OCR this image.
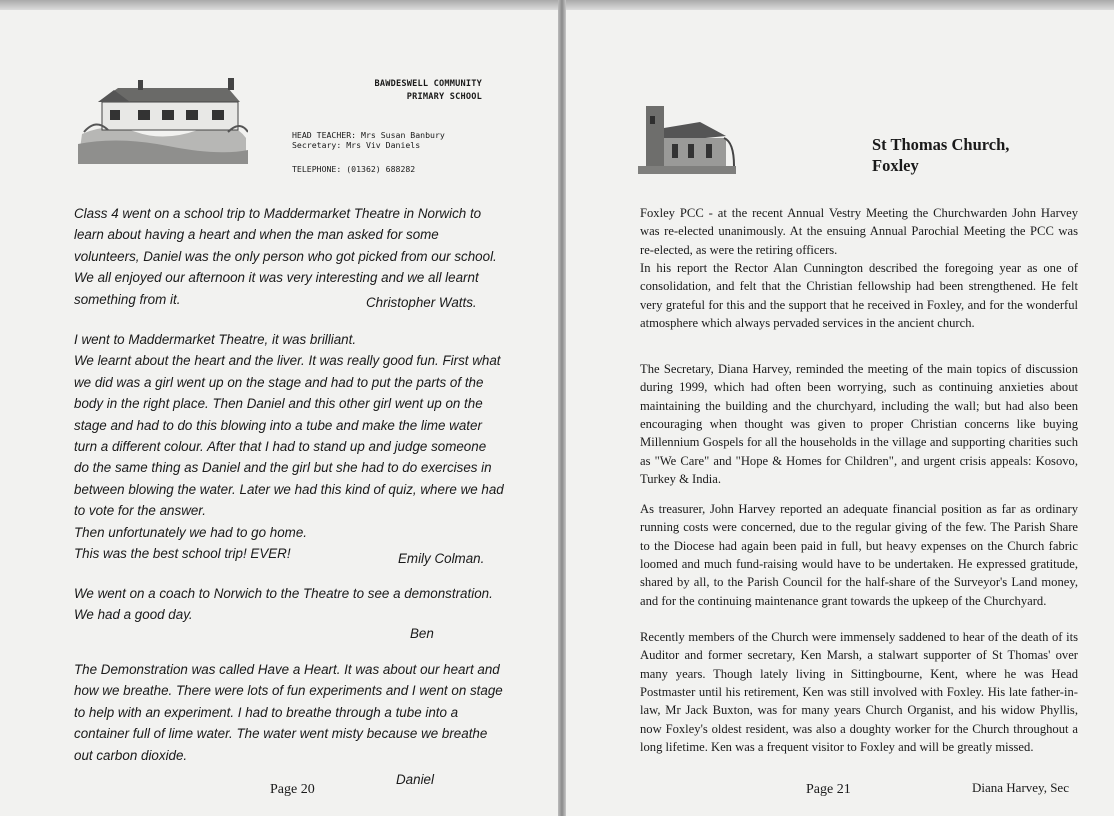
BAWDESWELL COMMUNITY
PRIMARY SCHOOL
HEAD TEACHER: Mrs Susan Banbury
Secretary: Mrs Viv Daniels
TELEPHONE: (01362) 688282
Class 4 went on a school trip to Maddermarket Theatre in Norwich to learn about having a heart and when the man asked for some volunteers, Daniel was the only person who got picked from our school. We all enjoyed our afternoon it was very interesting and we all learnt something from it.	Christopher Watts.
I went to Maddermarket Theatre, it was brilliant.
We learnt about the heart and the liver. It was really good fun. First what we did was a girl went up on the stage and had to put the parts of the body in the right place. Then Daniel and this other girl went up on the stage and had to do this blowing into a tube and make the lime water turn a different colour. After that I had to stand up and judge someone do the same thing as Daniel and the girl but she had to do exercises in between blowing the water. Later we had this kind of quiz, where we had to vote for the answer.
Then unfortunately we had to go home.
This was the best school trip! EVER!	Emily Colman.
We went on a coach to Norwich to the Theatre to see a demonstration. We had a good day.
Ben
The Demonstration was called Have a Heart. It was about our heart and how we breathe. There were lots of fun experiments and I went on stage to help with an experiment. I had to breathe through a tube into a container full of lime water. The water went misty because we breathe out carbon dioxide.
Daniel
Page 20
St Thomas Church,
Foxley
Foxley PCC - at the recent Annual Vestry Meeting the Churchwarden John Harvey was re-elected unanimously. At the ensuing Annual Parochial Meeting the PCC was re-elected, as were the retiring officers.
In his report the Rector Alan Cunnington described the foregoing year as one of consolidation, and felt that the Christian fellowship had been strengthened. He felt very grateful for this and the support that he received in Foxley, and for the wonderful atmosphere which always pervaded services in the ancient church.
The Secretary, Diana Harvey, reminded the meeting of the main topics of discussion during 1999, which had often been worrying, such as continuing anxieties about maintaining the building and the churchyard, including the wall; but had also been encouraging when thought was given to proper Christian concerns like buying Millennium Gospels for all the households in the village and supporting charities such as "We Care" and "Hope & Homes for Children", and urgent crisis appeals: Kosovo, Turkey & India.
As treasurer, John Harvey reported an adequate financial position as far as ordinary running costs were concerned, due to the regular giving of the few. The Parish Share to the Diocese had again been paid in full, but heavy expenses on the Church fabric loomed and much fund-raising would have to be undertaken. He expressed gratitude, shared by all, to the Parish Council for the half-share of the Surveyor's Land money, and for the continuing maintenance grant towards the upkeep of the Churchyard.
Recently members of the Church were immensely saddened to hear of the death of its Auditor and former secretary, Ken Marsh, a stalwart supporter of St Thomas' over many years. Though lately living in Sittingbourne, Kent, where he was Head Postmaster until his retirement, Ken was still involved with Foxley. His late father-in-law, Mr Jack Buxton, was for many years Church Organist, and his widow Phyllis, now Foxley's oldest resident, was also a doughty worker for the Church throughout a long lifetime. Ken was a frequent visitor to Foxley and will be greatly missed.
Page 21	Diana Harvey, Sec
